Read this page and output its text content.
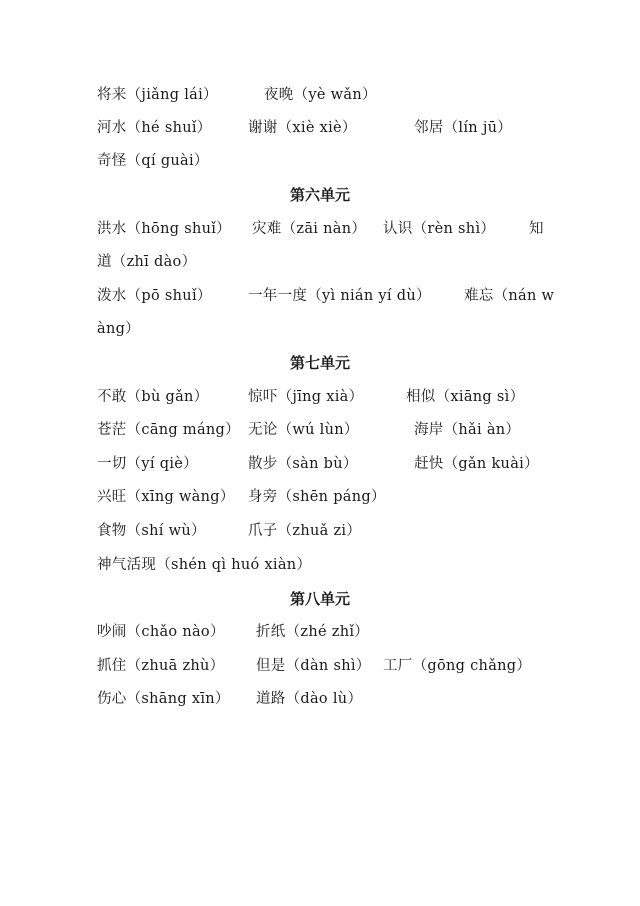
将来（jiǎng lái）	夜晚（yè wǎn）
河水（hé shuǐ）	谢谢（xiè xiè）	邻居（lín jū）
奇怪（qí guài）
第六单元
洪水（hōng shuǐ） 灾难（zāi nàn） 认识（rèn shì） 知
道（zhī dào）
泼水（pō shuǐ）	一年一度（yì nián yí dù） 难忘（nán w
àng）
第七单元
不敢（bù gǎn）	惊吓（jīng xià）	相似（xiāng sì）
苍茫（cāng máng） 无论（wú lùn）	海岸（hǎi àn）
一切（yí qiè）	散步（sàn bù）	赶快（gǎn kuài）
兴旺（xīng wàng） 身旁（shēn páng）
食物（shí wù）	爪子（zhuǎ zi）
神气活现（shén qì huó xiàn）
第八单元
吵闹（chǎo nào） 折纸（zhé zhǐ）
抓住（zhuā zhù） 但是（dàn shì） 工厂（gōng chǎng）
伤心（shāng xīn） 道路（dào lù）
